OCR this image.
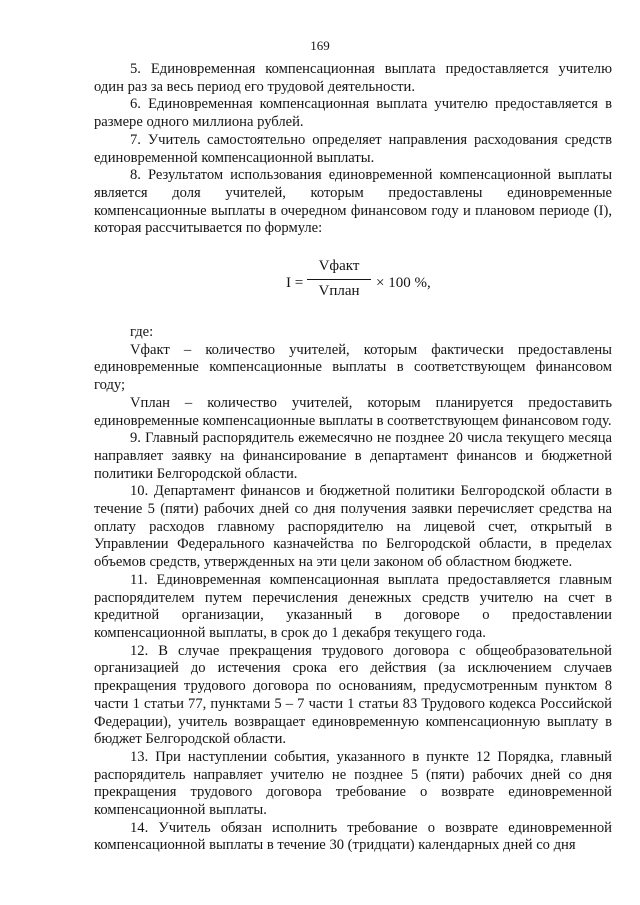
169

5. Единовременная компенсационная выплата предоставляется учителю один раз за весь период его трудовой деятельности.

6. Единовременная компенсационная выплата учителю предоставляется в размере одного миллиона рублей.

7. Учитель самостоятельно определяет направления расходования средств единовременной компенсационной выплаты.

8. Результатом использования единовременной компенсационной выплаты является доля учителей, которым предоставлены единовременные компенсационные выплаты в очередном финансовом году и плановом периоде (I), которая рассчитывается по формуле:

I =
Vфакт
Vплан	× 100 %,

где:

Vфакт – количество учителей, которым фактически предоставлены единовременные компенсационные выплаты в соответствующем финансовом году;

Vплан – количество учителей, которым планируется предоставить единовременные компенсационные выплаты в соответствующем финансовом году.

9. Главный распорядитель ежемесячно не позднее 20 числа текущего месяца направляет заявку на финансирование в департамент финансов и бюджетной политики Белгородской области.

10. Департамент финансов и бюджетной политики Белгородской области в течение 5 (пяти) рабочих дней со дня получения заявки перечисляет средства на оплату расходов главному распорядителю на лицевой счет, открытый в Управлении Федерального казначейства по Белгородской области, в пределах объемов средств, утвержденных на эти цели законом об областном бюджете.

11. Единовременная компенсационная выплата предоставляется главным распорядителем путем перечисления денежных средств учителю на счет в кредитной организации, указанный в договоре о предоставлении компенсационной выплаты, в срок до 1 декабря текущего года.

12. В случае прекращения трудового договора с общеобразовательной организацией до истечения срока его действия (за исключением случаев прекращения трудового договора по основаниям, предусмотренным пунктом 8 части 1 статьи 77, пунктами 5 – 7 части 1 статьи 83 Трудового кодекса Российской Федерации), учитель возвращает единовременную компенсационную выплату в бюджет Белгородской области.

13. При наступлении события, указанного в пункте 12 Порядка, главный распорядитель направляет учителю не позднее 5 (пяти) рабочих дней со дня прекращения трудового договора требование о возврате единовременной компенсационной выплаты.

14. Учитель обязан исполнить требование о возврате единовременной компенсационной выплаты в течение 30 (тридцати) календарных дней со дня
